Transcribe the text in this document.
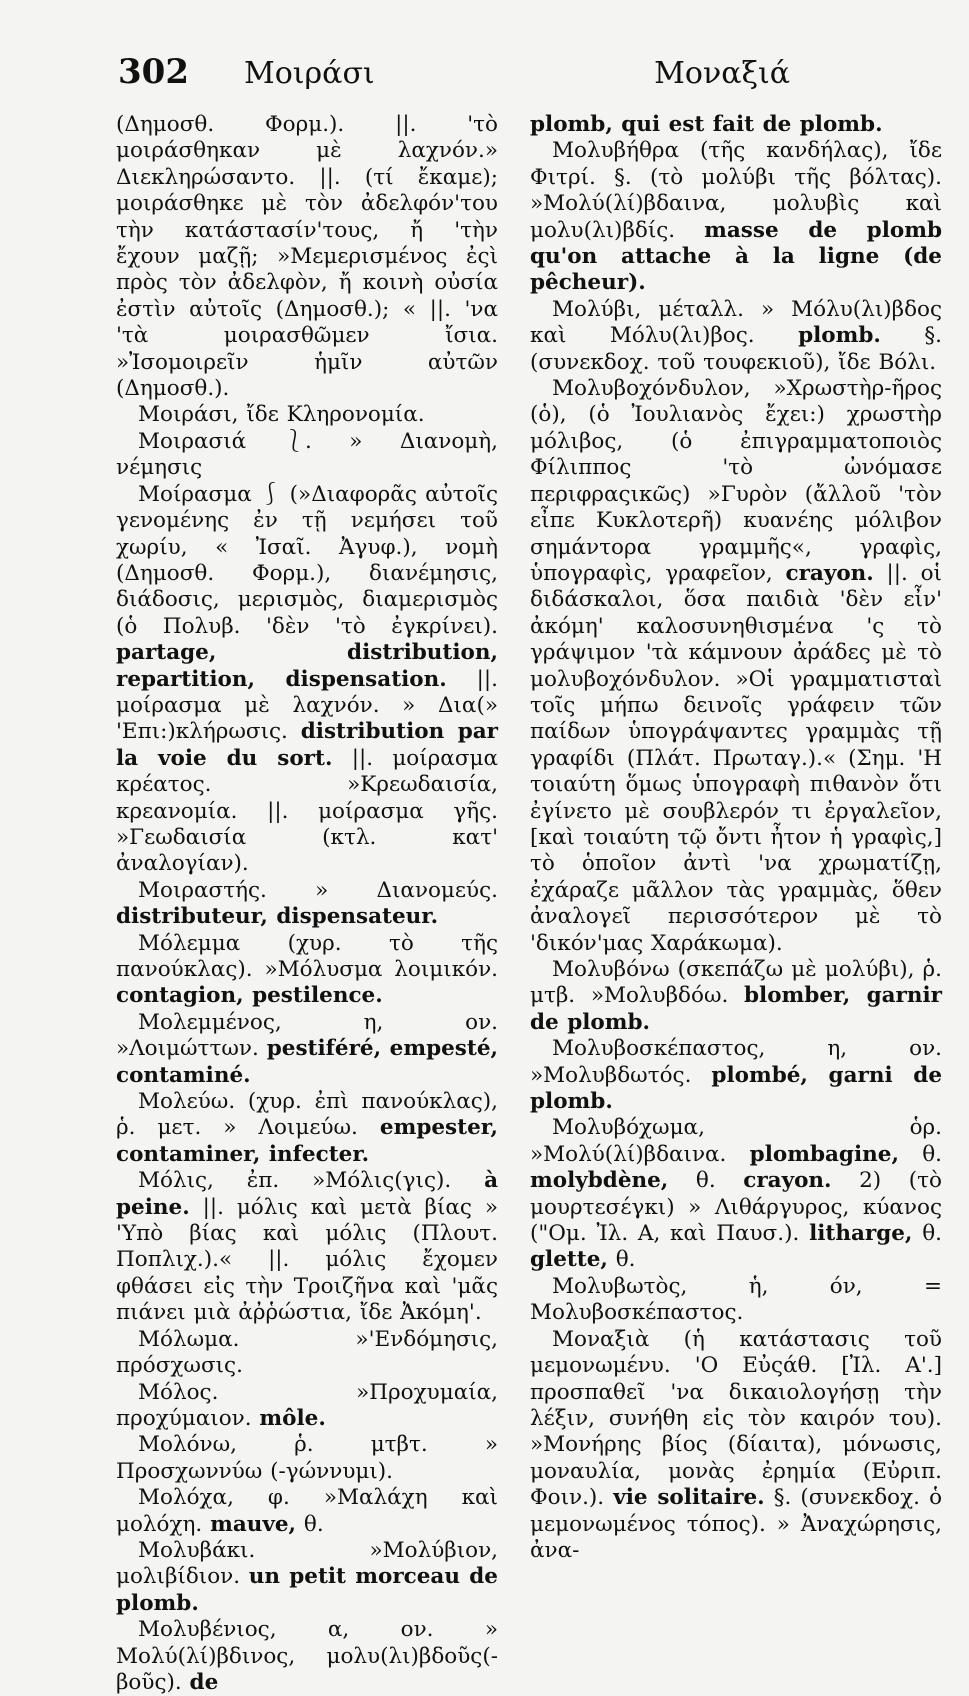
302 Μοιράσι	Μοναξιά

(Δημοσθ. Φορμ.). ||. 'τὸ μοιράσθηκαν μὲ λαχνόν.» Διεκληρώσαντο. ||. (τί ἔκαμε); μοιράσθηκε μὲ τὸν ἀδελφόν'του τὴν κατάστασίν'τους, ἤ 'τὴν ἔχουν μαζῇ; »Μεμερισμένος ἐςὶ πρὸς τὸν ἀδελφὸν, ἤ κοινὴ οὐσία ἐστὶν αὐτοῖς (Δημοσθ.); « ||. 'να 'τὰ μοιρασθῶμεν ἴσια. »Ἰσομοιρεῖν ἡμῖν αὐτῶν (Δημοσθ.).

Μοιράσι, ἴδε Κληρονομία.

Μοιρασιά ⎱. » Διανομὴ, νέμησις

Μοίρασμα ⎰ (»Διαφορᾶς αὐτοῖς γενομένης ἐν τῇ νεμήσει τοῦ χωρίυ, « Ἰσαῖ. Ἀγυφ.), νομὴ (Δημοσθ. Φορμ.), διανέμησις, διάδοσις, μερισμὸς, διαμερισμὸς (ὁ Πολυβ. 'δὲν 'τὸ ἐγκρίνει). partage, distribution, repartition, dispensation. ||. μοίρασμα μὲ λαχνόν. » Δια(» 'Επι:)κλήρωσις. distribution par la voie du sort. ||. μοίρασμα κρέατος. »Κρεωδαισία, κρεανομία. ||. μοίρασμα γῆς. »Γεωδαισία (κτλ. κατ' ἀναλογίαν).

Μοιραστής. » Διανομεύς. distributeur, dispensateur.

Μόλεμμα (χυρ. τὸ τῆς πανούκλας). »Μόλυσμα λοιμικόν. contagion, pestilence.

Μολεμμένος, η, ον. »Λοιμώττων. pestiféré, empesté, contaminé.

Μολεύω. (χυρ. ἐπὶ πανούκλας), ῥ. μετ. » Λοιμεύω. empester, contaminer, infecter.

Μόλις, ἐπ. »Μόλις(γις). à peine. ||. μόλις καὶ μετὰ βίας » 'Υπὸ βίας καὶ μόλις (Πλουτ. Ποπλιχ.).« ||. μόλις ἔχομεν φθάσει εἰς τὴν Τροιζῆνα καὶ 'μᾶς πιάνει μιὰ ἀῤῥώστια, ἴδε Ἀκόμη'.

Μόλωμα. »'Ενδόμησις, πρόσχωσις.

Μόλος. »Προχυμαία, προχύμαιον. môle.

Μολόνω, ῥ. μτβτ. » Προσχωννύω (-γώννυμι).

Μολόχα, φ. »Μαλάχη καὶ μολόχη. mauve, θ.

Μολυβάκι. »Μολύβιον, μολιβίδιον. un petit morceau de plomb.

Μολυβένιος, α, ον. » Μολύ(λί)βδινος, μολυ(λι)βδοῦς(-βοῦς). de

plomb, qui est fait de plomb.

Μολυβήθρα (τῆς κανδήλας), ἴδε Φιτρί. §. (τὸ μολύβι τῆς βόλτας). »Μολύ(λί)βδαινα, μολυβὶς καὶ μολυ(λι)βδίς. masse de plomb qu'on attache à la ligne (de pêcheur).

Μολύβι, μέταλλ. » Μόλυ(λι)βδος καὶ Μόλυ(λι)βος. plomb. §. (συνεκδοχ. τοῦ τουφεκιοῦ), ἴδε Βόλι.

Μολυβοχόνδυλον, »Χρωστὴρ-ῆρος (ὁ), (ὁ Ἰουλιανὸς ἔχει:) χρωστὴρ μόλιβος, (ὁ ἐπιγραμματοποιὸς Φίλιππος 'τὸ ὠνόμασε περιφραςικῶς) »Γυρὸν (ἄλλοῦ 'τὸν εἶπε Κυκλοτερῆ) κυανέης μόλιβον σημάντορα γραμμῆς«, γραφὶς, ὑπογραφὶς, γραφεῖον, crayon. ||. οἱ διδάσκαλοι, ὅσα παιδιὰ 'δὲν εἶν' ἀκόμη' καλοσυνηθισμένα 'ς τὸ γράψιμον 'τὰ κάμνουν ἀράδες μὲ τὸ μολυβοχόνδυλον. »Οἱ γραμματισταὶ τοῖς μήπω δεινοῖς γράφειν τῶν παίδων ὑπογράψαντες γραμμὰς τῇ γραφίδι (Πλάτ. Πρωταγ.).« (Σημ. 'Η τοιαύτη ὅμως ὑπογραφὴ πιθανὸν ὅτι ἐγίνετο μὲ σουβλερόν τι ἐργαλεῖον, [καὶ τοιαύτη τῷ ὄντι ἦτον ἡ γραφὶς,] τὸ ὁποῖον ἀντὶ 'να χρωματίζῃ, ἐχάραζε μᾶλλον τὰς γραμμὰς, ὅθεν ἀναλογεῖ περισσότερον μὲ τὸ 'δικόν'μας Χαράκωμα).

Μολυβόνω (σκεπάζω μὲ μολύβι), ῥ. μτβ. »Μολυβδόω. blomber, garnir de plomb.

Μολυβοσκέπαστος, η, ον. »Μολυβδωτός. plombé, garni de plomb.

Μολυβόχωμα, ὁρ. »Μολύ(λί)βδαινα. plombagine, θ. molybdène, θ. crayon. 2) (τὸ μουρτεσέγκι) » Λιθάργυρος, κύανος ("Ομ. Ἰλ. Α, καὶ Παυσ.). litharge, θ. glette, θ.

Μολυβωτὸς, ἡ, όν, = Μολυβοσκέπαστος.

Μοναξιὰ (ἡ κατάστασις τοῦ μεμονωμένυ. 'Ο Εὐςάθ. [Ἰλ. Α'.] προσπαθεῖ 'να δικαιολογήσῃ τὴν λέξιν, συνήθη εἰς τὸν καιρόν του). »Μονήρης βίος (δίαιτα), μόνωσις, μοναυλία, μονὰς ἐρημία (Εὐριπ. Φοιν.). vie solitaire. §. (συνεκδοχ. ὁ μεμονωμένος τόπος). » Ἀναχώρησις, ἀνα-
